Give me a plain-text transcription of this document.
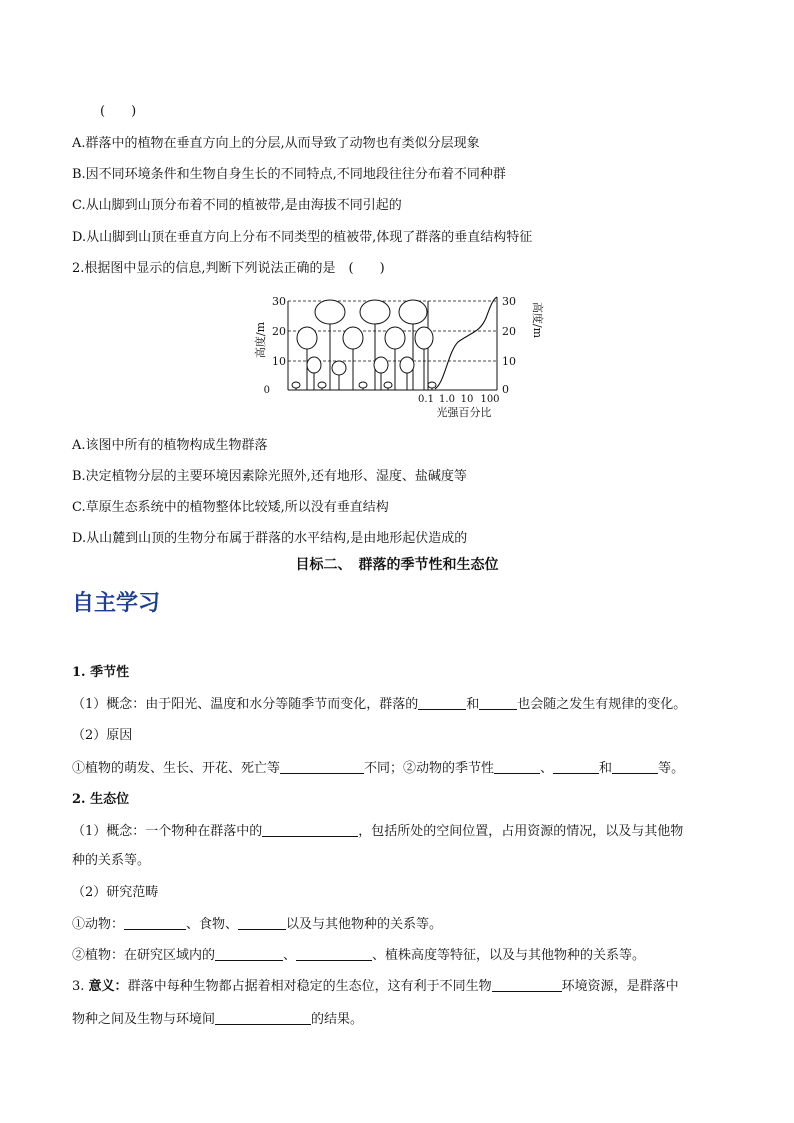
(　　)
A.群落中的植物在垂直方向上的分层,从而导致了动物也有类似分层现象
B.因不同环境条件和生物自身生长的不同特点,不同地段往往分布着不同种群
C.从山脚到山顶分布着不同的植被带,是由海拔不同引起的
D.从山脚到山顶在垂直方向上分布不同类型的植被带,体现了群落的垂直结构特征
2.根据图中显示的信息,判断下列说法正确的是　(　　)
高度/m
30
20
10
0
0.1 1.0 10 100
光强百分比
30
20
10
0
高度/m
A.该图中所有的植物构成生物群落
B.决定植物分层的主要环境因素除光照外,还有地形、湿度、盐碱度等
C.草原生态系统中的植物整体比较矮,所以没有垂直结构
D.从山麓到山顶的生物分布属于群落的水平结构,是由地形起伏造成的
目标二、　群落的季节性和生态位
自主学习
1. 季节性
（1）概念：由于阳光、温度和水分等随季节而变化，群落的	和	也会随之发生有规律的变化。
（2）原因
①植物的萌发、生长、开花、死亡等	不同；②动物的季节性	、	和	等。
2. 生态位
（1）概念：一个物种在群落中的	，包括所处的空间位置，占用资源的情况，以及与其他物
种的关系等。
（2）研究范畴
①动物：	、食物、	以及与其他物种的关系等。
②植物：在研究区域内的	、	、植株高度等特征，以及与其他物种的关系等。
3. 意义：群落中每种生物都占据着相对稳定的生态位，这有利于不同生物	环境资源，是群落中
物种之间及生物与环境间	的结果。
